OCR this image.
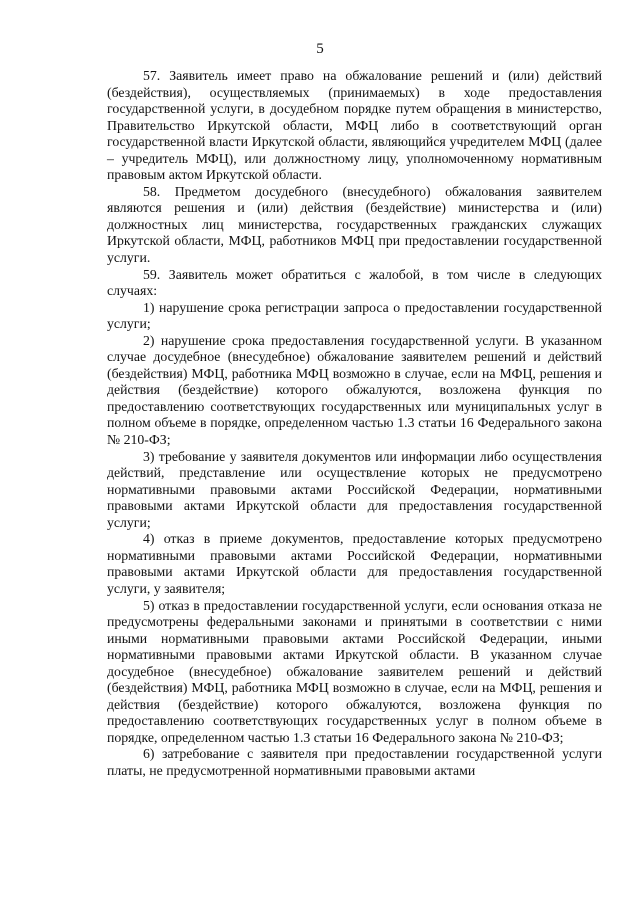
5

57. Заявитель имеет право на обжалование решений и (или) действий (бездействия), осуществляемых (принимаемых) в ходе предоставления государственной услуги, в досудебном порядке путем обращения в министерство, Правительство Иркутской области, МФЦ либо в соответствующий орган государственной власти Иркутской области, являющийся учредителем МФЦ (далее – учредитель МФЦ), или должностному лицу, уполномоченному нормативным правовым актом Иркутской области.

58. Предметом досудебного (внесудебного) обжалования заявителем являются решения и (или) действия (бездействие) министерства и (или) должностных лиц министерства, государственных гражданских служащих Иркутской области, МФЦ, работников МФЦ при предоставлении государственной услуги.

59. Заявитель может обратиться с жалобой, в том числе в следующих случаях:

1) нарушение срока регистрации запроса о предоставлении государственной услуги;

2) нарушение срока предоставления государственной услуги. В указанном случае досудебное (внесудебное) обжалование заявителем решений и действий (бездействия) МФЦ, работника МФЦ возможно в случае, если на МФЦ, решения и действия (бездействие) которого обжалуются, возложена функция по предоставлению соответствующих государственных или муниципальных услуг в полном объеме в порядке, определенном частью 1.3 статьи 16 Федерального закона № 210-ФЗ;

3) требование у заявителя документов или информации либо осуществления действий, представление или осуществление которых не предусмотрено нормативными правовыми актами Российской Федерации, нормативными правовыми актами Иркутской области для предоставления государственной услуги;

4) отказ в приеме документов, предоставление которых предусмотрено нормативными правовыми актами Российской Федерации, нормативными правовыми актами Иркутской области для предоставления государственной услуги, у заявителя;

5) отказ в предоставлении государственной услуги, если основания отказа не предусмотрены федеральными законами и принятыми в соответствии с ними иными нормативными правовыми актами Российской Федерации, иными нормативными правовыми актами Иркутской области. В указанном случае досудебное (внесудебное) обжалование заявителем решений и действий (бездействия) МФЦ, работника МФЦ возможно в случае, если на МФЦ, решения и действия (бездействие) которого обжалуются, возложена функция по предоставлению соответствующих государственных услуг в полном объеме в порядке, определенном частью 1.3 статьи 16 Федерального закона № 210-ФЗ;

6) затребование с заявителя при предоставлении государственной услуги платы, не предусмотренной нормативными правовыми актами
